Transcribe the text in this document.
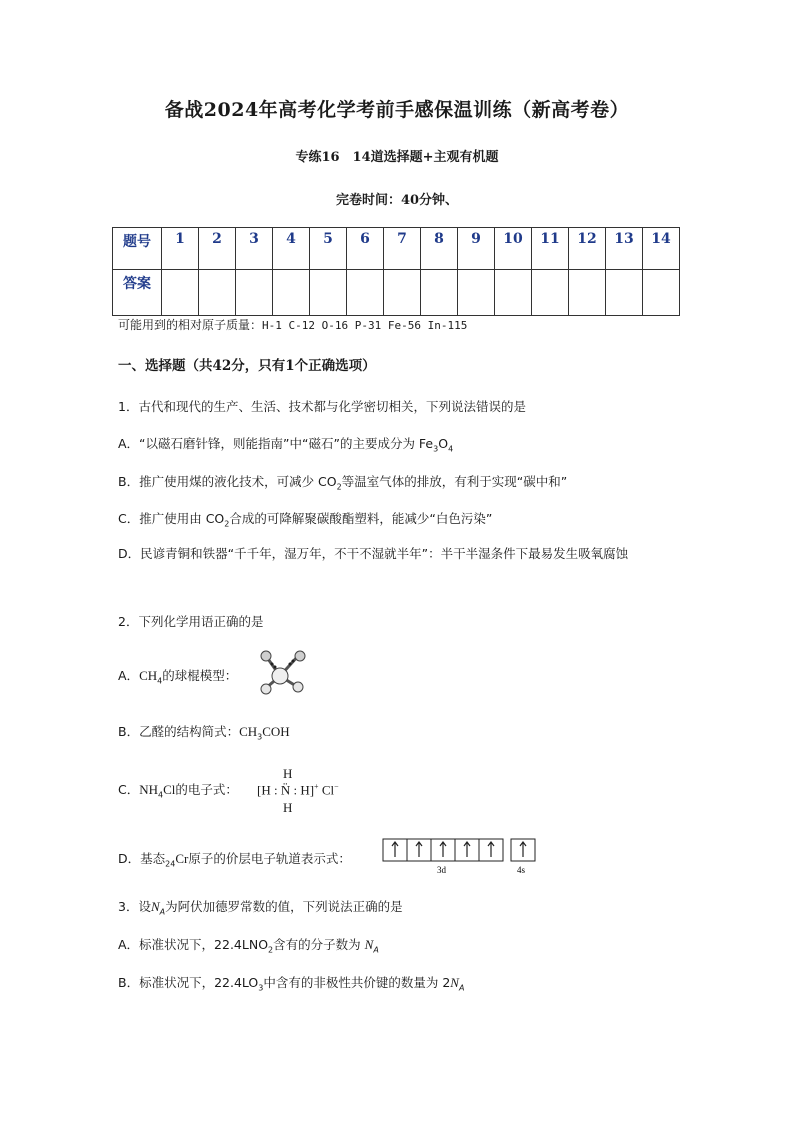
备战2024年高考化学考前手感保温训练（新高考卷）
专练16　14道选择题+主观有机题
完卷时间：40分钟、
题号	1	2	3	4	5	6	7	8	9	10	11	12	13	14
答案														
可能用到的相对原子质量：H-1 C-12 O-16 P-31 Fe-56 In-115
一、选择题（共42分，只有1个正确选项）
1．古代和现代的生产、生活、技术都与化学密切相关，下列说法错误的是
A．“以磁石磨针锋，则能指南”中“磁石”的主要成分为 $Fe_3O_4$
B．推广使用煤的液化技术，可减少 $CO_2$等温室气体的排放，有利于实现“碳中和”
C．推广使用由 $CO_2$合成的可降解聚碳酸酯塑料，能减少“白色污染”
D．民谚青铜和铁器“千千年，湿万年，不干不湿就半年”：半干半湿条件下最易发生吸氧腐蚀
2．下列化学用语正确的是
A．$CH_4$的球棍模型：
B．乙醛的结构简式：$CH_3COH$
C．$NH_4Cl$的电子式：
H
[H : N̈ : H]+ Cl−
H
D．基态$_{24}$Cr原子的价层电子轨道表示式：
3d	4s
3．设$N_A$为阿伏加德罗常数的值，下列说法正确的是
A．标准状况下，$22.4LNO_2$含有的分子数为 $N_A$
B．标准状况下，$22.4LO_3$中含有的非极性共价键的数量为 $2N_A$
